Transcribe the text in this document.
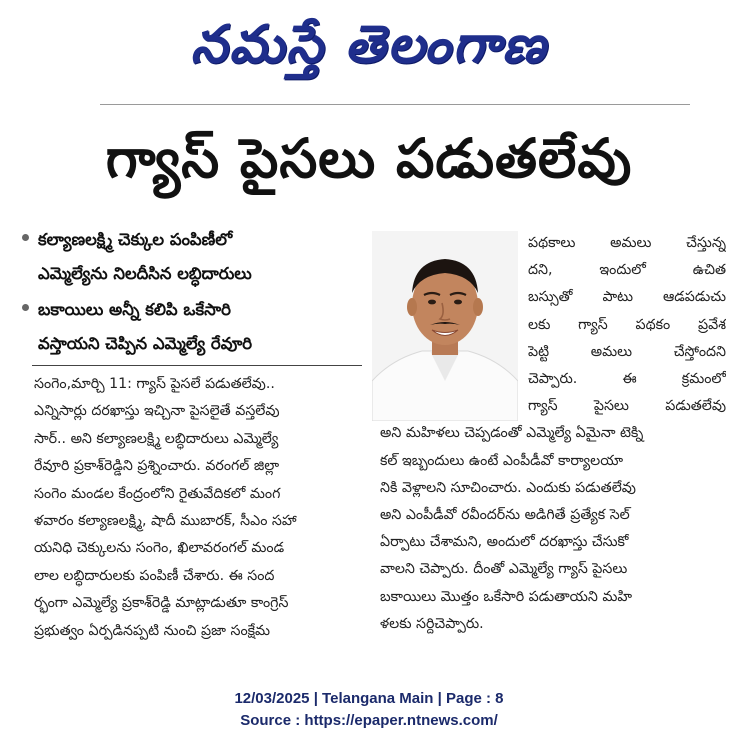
నమస్తే తెలంగాణ
గ్యాస్ పైసలు పడుతలేవు
కల్యాణలక్ష్మి చెక్కుల పంపిణీలో
ఎమ్మెల్యేను నిలదీసిన లబ్ధిదారులు
బకాయిలు అన్నీ కలిపి ఒకేసారి
వస్తాయని చెప్పిన ఎమ్మెల్యే రేవూరి
సంగెం,మార్చి 11: గ్యాస్ పైసలే పడుతలేవు..
ఎన్నిసార్లు దరఖాస్తు ఇచ్చినా పైసలైతే వస్తలేవు
సార్.. అని కల్యాణలక్ష్మి లబ్ధిదారులు ఎమ్మెల్యే
రేవూరి ప్రకాశ్‌రెడ్డిని ప్రశ్నించారు. వరంగల్ జిల్లా
సంగెం మండల కేంద్రంలోని రైతువేదికలో మంగ
ళవారం కల్యాణలక్ష్మి, షాదీ ముబారక్, సీఎం సహా
యనిధి చెక్కులను సంగెం, ఖిలావరంగల్ మండ
లాల లబ్ధిదారులకు పంపిణీ చేశారు. ఈ సంద
ర్భంగా ఎమ్మెల్యే ప్రకాశ్‌రెడ్డి మాట్లాడుతూ కాంగ్రెస్
ప్రభుత్వం ఏర్పడినప్పటి నుంచి ప్రజా సంక్షేమ
పథకాలు అమలు చేస్తున్న
దని, ఇందులో ఉచిత
బస్సుతో పాటు ఆడపడుచు
లకు గ్యాస్ పథకం ప్రవేశ
పెట్టి అమలు చేస్తోందని
చెప్పారు. ఈ క్రమంలో
గ్యాస్ పైసలు పడుతలేవు
అని మహిళలు చెప్పడంతో ఎమ్మెల్యే ఏమైనా టెక్ని
కల్ ఇబ్బందులు ఉంటే ఎంపీడీవో కార్యాలయా
నికి వెళ్లాలని సూచించారు. ఎందుకు పడుతలేవు
అని ఎంపీడీవో రవీందర్‌ను అడిగితే ప్రత్యేక సెల్
ఏర్పాటు చేశామని, అందులో దరఖాస్తు చేసుకో
వాలని చెప్పారు. దీంతో ఎమ్మెల్యే గ్యాస్ పైసలు
బకాయిలు మొత్తం ఒకేసారి పడుతాయని మహి
ళలకు సర్దిచెప్పారు.
12/03/2025 | Telangana Main | Page : 8
Source : https://epaper.ntnews.com/
